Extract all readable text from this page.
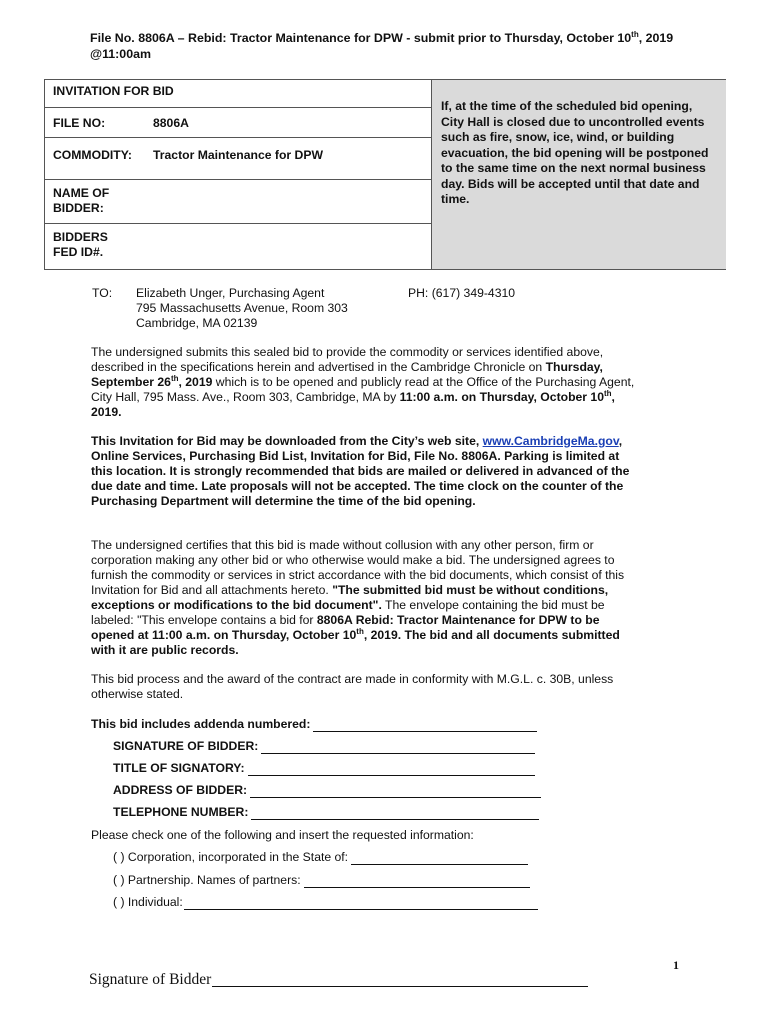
File No. 8806A – Rebid: Tractor Maintenance for DPW - submit prior to Thursday, October 10th, 2019
@11:00am
INVITATION FOR BID
FILE NO:	8806A
COMMODITY: Tractor Maintenance for DPW
NAME OF
BIDDER:
BIDDERS
FED ID#.
If, at the time of the scheduled bid opening, City Hall is closed due to uncontrolled events such as fire, snow, ice, wind, or building evacuation, the bid opening will be postponed to the same time on the next normal business day. Bids will be accepted until that date and time.
TO: Elizabeth Unger, Purchasing Agent
795 Massachusetts Avenue, Room 303
Cambridge, MA 02139
PH: (617) 349-4310
The undersigned submits this sealed bid to provide the commodity or services identified above, described in the specifications herein and advertised in the Cambridge Chronicle on Thursday, September 26th, 2019 which is to be opened and publicly read at the Office of the Purchasing Agent, City Hall, 795 Mass. Ave., Room 303, Cambridge, MA by 11:00 a.m. on Thursday, October 10th, 2019.
This Invitation for Bid may be downloaded from the City’s web site, www.CambridgeMa.gov, Online Services, Purchasing Bid List, Invitation for Bid, File No. 8806A. Parking is limited at this location. It is strongly recommended that bids are mailed or delivered in advanced of the due date and time. Late proposals will not be accepted. The time clock on the counter of the Purchasing Department will determine the time of the bid opening.
The undersigned certifies that this bid is made without collusion with any other person, firm or corporation making any other bid or who otherwise would make a bid. The undersigned agrees to furnish the commodity or services in strict accordance with the bid documents, which consist of this Invitation for Bid and all attachments hereto. "The submitted bid must be without conditions, exceptions or modifications to the bid document". The envelope containing the bid must be labeled: "This envelope contains a bid for 8806A Rebid: Tractor Maintenance for DPW to be opened at 11:00 a.m. on Thursday, October 10th, 2019. The bid and all documents submitted with it are public records.
This bid process and the award of the contract are made in conformity with M.G.L. c. 30B, unless otherwise stated.
This bid includes addenda numbered:
SIGNATURE OF BIDDER:
TITLE OF SIGNATORY:
ADDRESS OF BIDDER:
TELEPHONE NUMBER:
Please check one of the following and insert the requested information:
( ) Corporation, incorporated in the State of:
( ) Partnership. Names of partners:
( ) Individual:
1
Signature of Bidder
